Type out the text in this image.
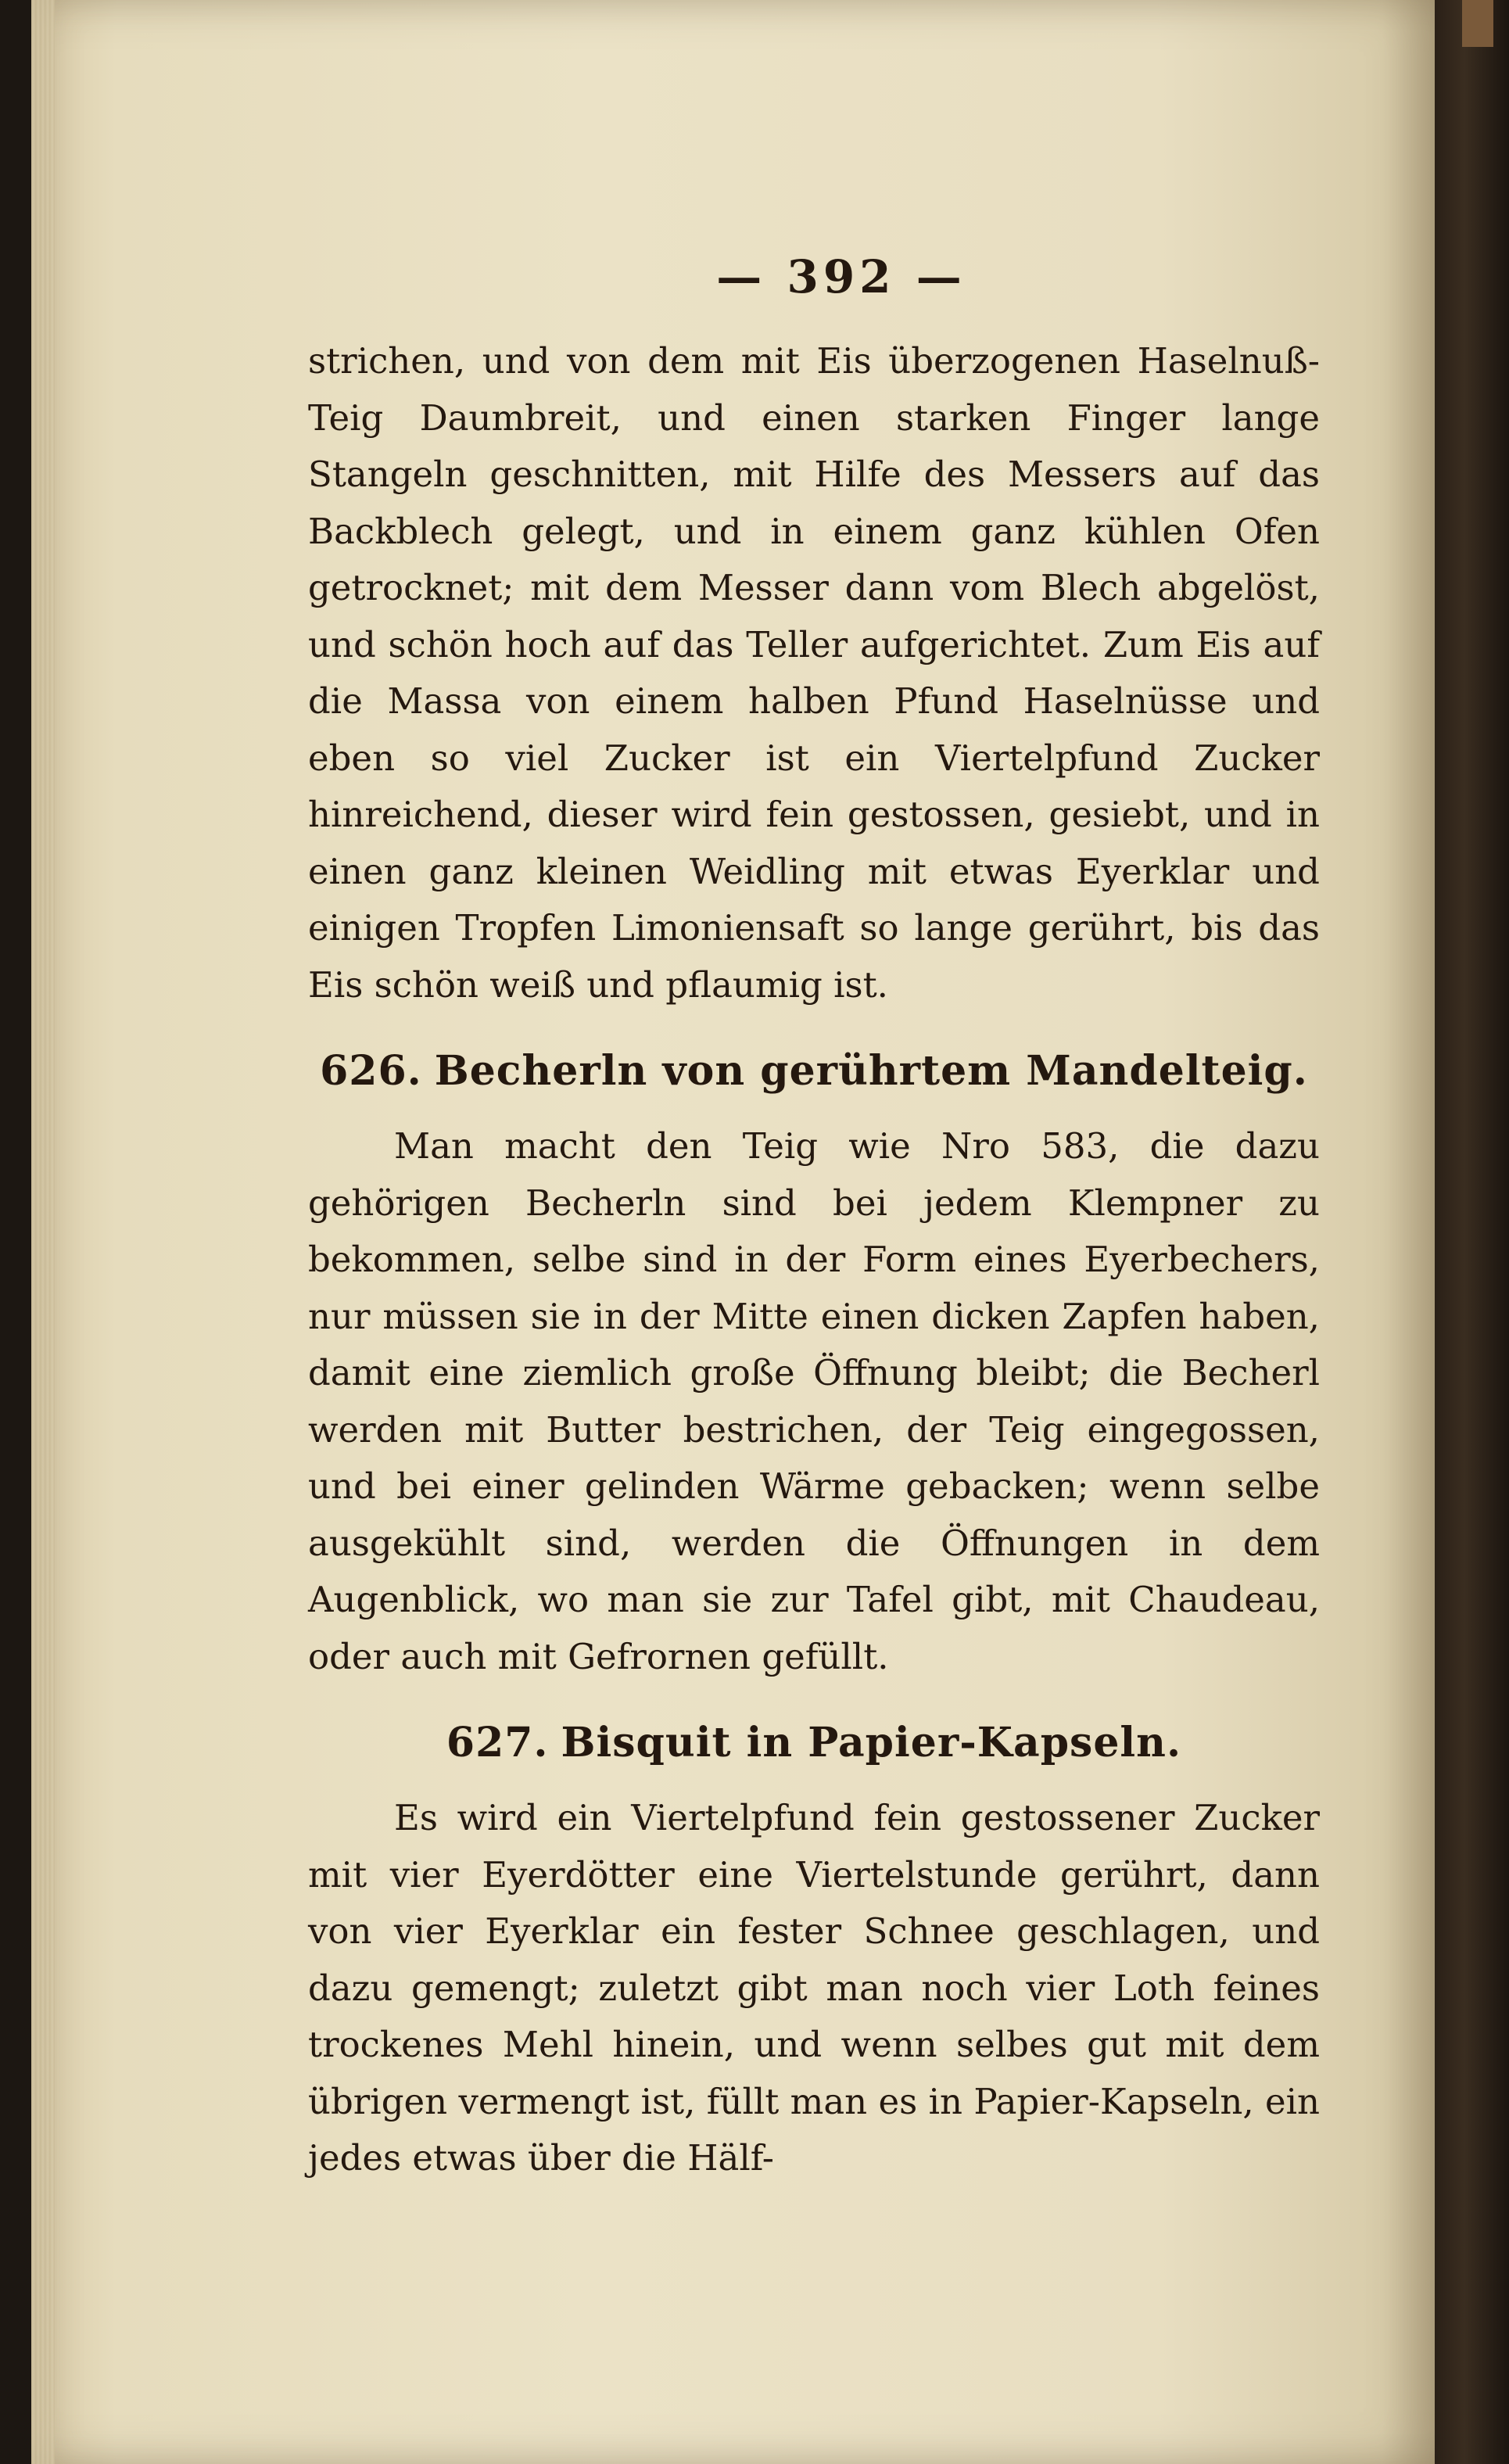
— 392 —

strichen, und von dem mit Eis überzogenen Haselnuß-Teig Daumbreit, und einen starken Finger lange Stangeln geschnitten, mit Hilfe des Messers auf das Backblech gelegt, und in einem ganz kühlen Ofen getrocknet; mit dem Messer dann vom Blech abgelöst, und schön hoch auf das Teller aufgerichtet. Zum Eis auf die Massa von einem halben Pfund Haselnüsse und eben so viel Zucker ist ein Viertelpfund Zucker hinreichend, dieser wird fein gestossen, gesiebt, und in einen ganz kleinen Weidling mit etwas Eyerklar und einigen Tropfen Limoniensaft so lange gerührt, bis das Eis schön weiß und pflaumig ist.

626. Becherln von gerührtem Mandelteig.

Man macht den Teig wie Nro 583, die dazu gehörigen Becherln sind bei jedem Klempner zu bekommen, selbe sind in der Form eines Eyerbechers, nur müssen sie in der Mitte einen dicken Zapfen haben, damit eine ziemlich große Öffnung bleibt; die Becherl werden mit Butter bestrichen, der Teig eingegossen, und bei einer gelinden Wärme gebacken; wenn selbe ausgekühlt sind, werden die Öffnungen in dem Augenblick, wo man sie zur Tafel gibt, mit Chaudeau, oder auch mit Gefrornen gefüllt.

627. Bisquit in Papier-Kapseln.

Es wird ein Viertelpfund fein gestossener Zucker mit vier Eyerdötter eine Viertelstunde gerührt, dann von vier Eyerklar ein fester Schnee geschlagen, und dazu gemengt; zuletzt gibt man noch vier Loth feines trockenes Mehl hinein, und wenn selbes gut mit dem übrigen vermengt ist, füllt man es in Papier-Kapseln, ein jedes etwas über die Hälf-
